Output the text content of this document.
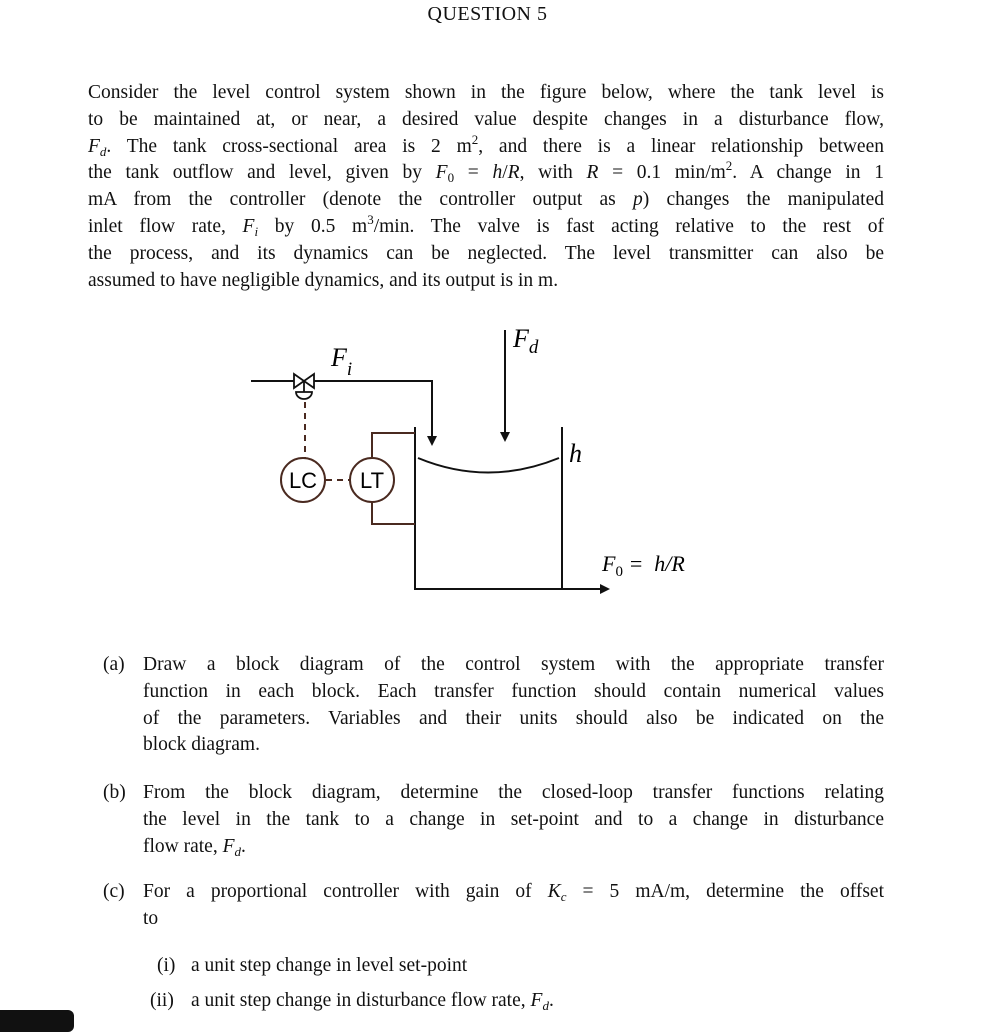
QUESTION 5
Consider the level control system shown in the figure below, where the tank level is
to be maintained at, or near, a desired value despite changes in a disturbance flow,
$F_d$. The tank cross-sectional area is 2 $m^2$, and there is a linear relationship between
the tank outflow and level, given by $F_0 = h/R$, with R = 0.1 $\min/m^2$. A change in 1
mA from the controller (denote the controller output as p) changes the manipulated
inlet flow rate, $F_i$ by 0.5 $m^3/\min$. The valve is fast acting relative to the rest of
the process, and its dynamics can be neglected. The level transmitter can also be
assumed to have negligible dynamics, and its output is in m.
LC LT
$F_i$
$F_d$
h
$F_0 = h/R$
(a) Draw a block diagram of the control system with the appropriate transfer
function in each block. Each transfer function should contain numerical values
of the parameters. Variables and their units should also be indicated on the
block diagram.
(b) From the block diagram, determine the closed-loop transfer functions relating
the level in the tank to a change in set-point and to a change in disturbance
flow rate, $F_d$.
(c) For a proportional controller with gain of $K_c = 5$ mA/m, determine the offset
to
(i) a unit step change in level set-point
(ii) a unit step change in disturbance flow rate, $F_d$.
